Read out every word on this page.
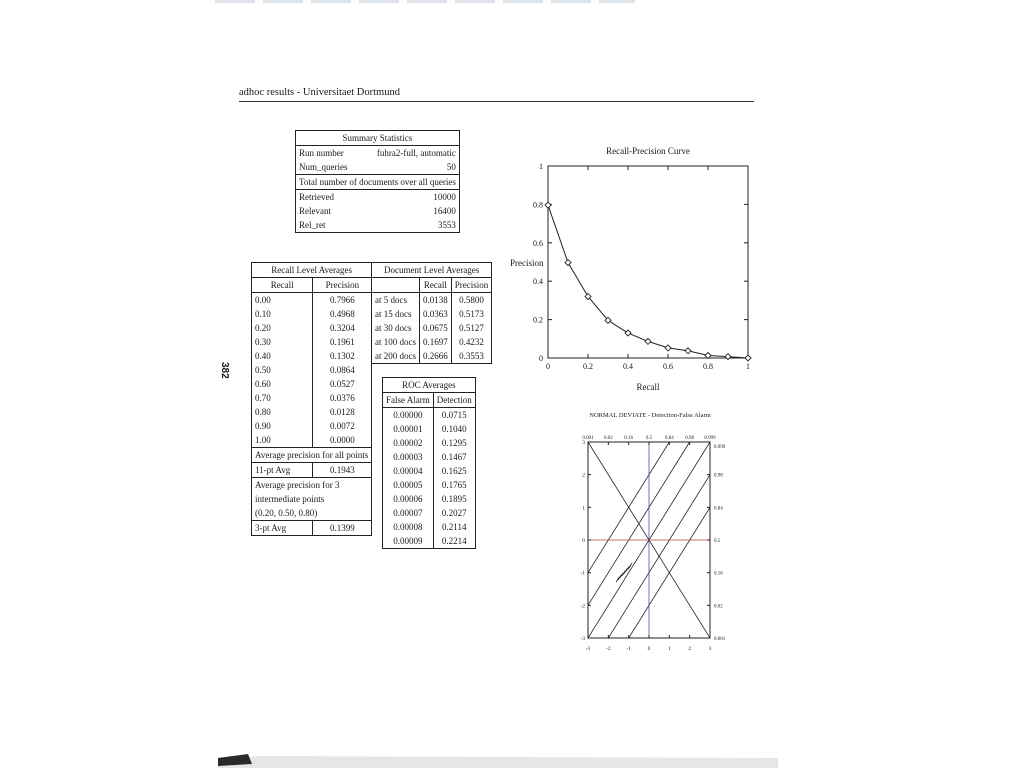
adhoc results - Universitaet Dortmund
382
Summary Statistics	
Run number	fuhra2-full, automatic
Num_queries	50
Total number of documents over all queries	
Retrieved	10000
Relevant	16400
Rel_ret	3553
Recall Level Averages	
Recall	Precision
0.00	0.7966
0.10	0.4968
0.20	0.3204
0.30	0.1961
0.40	0.1302
0.50	0.0864
0.60	0.0527
0.70	0.0376
0.80	0.0128
0.90	0.0072
1.00	0.0000
Average precision for all points	
11-pt Avg	0.1943
Average precision for 3	
intermediate points	
(0.20, 0.50, 0.80)	
3-pt Avg	0.1399
Document Level Averages		
	Recall	Precision
at 5 docs	0.0138	0.5800
at 15 docs	0.0363	0.5173
at 30 docs	0.0675	0.5127
at 100 docs	0.1697	0.4232
at 200 docs	0.2666	0.3553
ROC Averages	
False Alarm	Detection
0.00000	0.0715
0.00001	0.1040
0.00002	0.1295
0.00003	0.1467
0.00004	0.1625
0.00005	0.1765
0.00006	0.1895
0.00007	0.2027
0.00008	0.2114
0.00009	0.2214
Recall-Precision Curve
Precision
Recall
0	0.2	0.4	0.6	0.8	1
0
0.2
0.4
0.6
0.8
1
NORMAL DEVIATE - Detection-False Alarm
-3	-2	-1	0	1	2	3
-3
-2
-1
0
1
2
3
0.001 0.02 0.16	0.5	0.84 0.98 0.999
0.001
0.02
0.16
0.5
0.84
0.98
0.999
